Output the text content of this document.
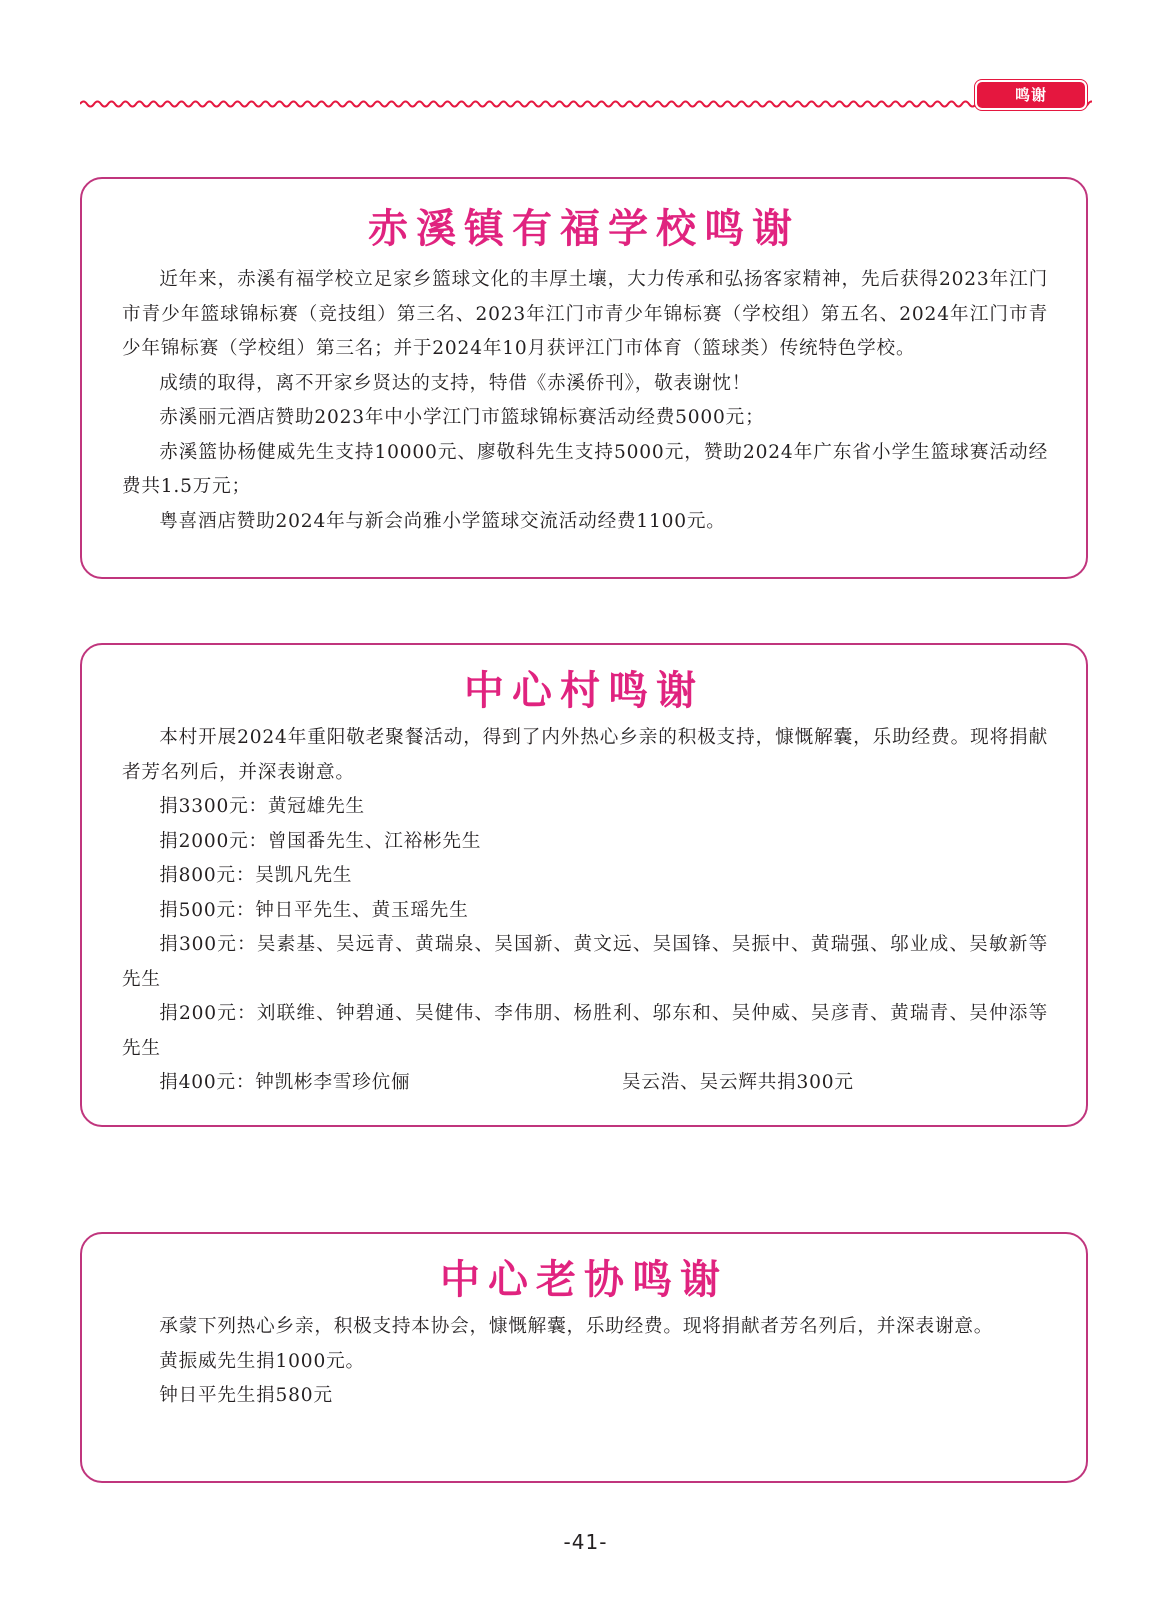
鸣谢
赤溪镇有福学校鸣谢

近年来，赤溪有福学校立足家乡篮球文化的丰厚土壤，大力传承和弘扬客家精神，先后获得2023年江门市青少年篮球锦标赛（竞技组）第三名、2023年江门市青少年锦标赛（学校组）第五名、2024年江门市青少年锦标赛（学校组）第三名；并于2024年10月获评江门市体育（篮球类）传统特色学校。

成绩的取得，离不开家乡贤达的支持，特借《赤溪侨刊》，敬表谢忱！

赤溪丽元酒店赞助2023年中小学江门市篮球锦标赛活动经费5000元；

赤溪篮协杨健威先生支持10000元、廖敬科先生支持5000元，赞助2024年广东省小学生篮球赛活动经费共1.5万元；

粤喜酒店赞助2024年与新会尚雅小学篮球交流活动经费1100元。

中心村鸣谢

本村开展2024年重阳敬老聚餐活动，得到了内外热心乡亲的积极支持，慷慨解囊，乐助经费。现将捐献者芳名列后，并深表谢意。

捐3300元：黄冠雄先生

捐2000元：曾国番先生、江裕彬先生

捐800元：吴凯凡先生

捐500元：钟日平先生、黄玉瑶先生

捐300元：吴素基、吴远青、黄瑞泉、吴国新、黄文远、吴国锋、吴振中、黄瑞强、邬业成、吴敏新等先生

捐200元：刘联维、钟碧通、吴健伟、李伟朋、杨胜利、邬东和、吴仲威、吴彦青、黄瑞青、吴仲添等先生

捐400元：钟凯彬李雪珍伉俪	吴云浩、吴云辉共捐300元

中心老协鸣谢

承蒙下列热心乡亲，积极支持本协会，慷慨解囊，乐助经费。现将捐献者芳名列后，并深表谢意。

黄振威先生捐1000元。

钟日平先生捐580元

-41-
